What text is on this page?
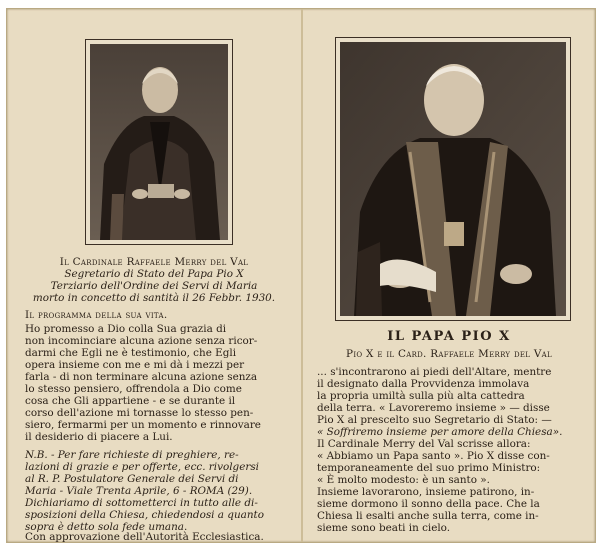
Il Cardinale Raffaele Merry del Val
Segretario di Stato del Papa Pio X
Terziario dell'Ordine dei Servi di Maria
morto in concetto di santità il 26 Febbr. 1930.
Il programma della sua vita.
Ho promesso a Dio colla Sua grazia di
non incominciare alcuna azione senza ricor-
darmi che Egli ne è testimonio, che Egli
opera insieme con me e mi dà i mezzi per
farla - di non terminare alcuna azione senza
lo stesso pensiero, offrendola a Dio come
cosa che Gli appartiene - e se durante il
corso dell'azione mi tornasse lo stesso pen-
siero, fermarmi per un momento e rinnovare
il desiderio di piacere a Lui.
N.B. - Per fare richieste di preghiere, re-
lazioni di grazie e per offerte, ecc. rivolgersi
al R. P. Postulatore Generale dei Servi di
Maria - Viale Trenta Aprile, 6 - ROMA (29).
Dichiariamo di sottometterci in tutto alle di-
sposizioni della Chiesa, chiedendosi a quanto
sopra è detto sola fede umana.
Con approvazione dell'Autorità Ecclesiastica.
IL PAPA PIO X
Pio X e il Card. Raffaele Merry del Val
... s'incontrarono ai piedi dell'Altare, mentre
il designato dalla Provvidenza immolava
la propria umiltà sulla più alta cattedra
della terra. « Lavoreremo insieme » — disse
Pio X al prescelto suo Segretario di Stato: —
« Soffriremo insieme per amore della Chiesa».
Il Cardinale Merry del Val scrisse allora:
« Abbiamo un Papa santo ». Pio X disse con-
temporaneamente del suo primo Ministro:
« È molto modesto: è un santo ».
Insieme lavorarono, insieme patirono, in-
sieme dormono il sonno della pace. Che la
Chiesa li esalti anche sulla terra, come in-
sieme sono beati in cielo.
